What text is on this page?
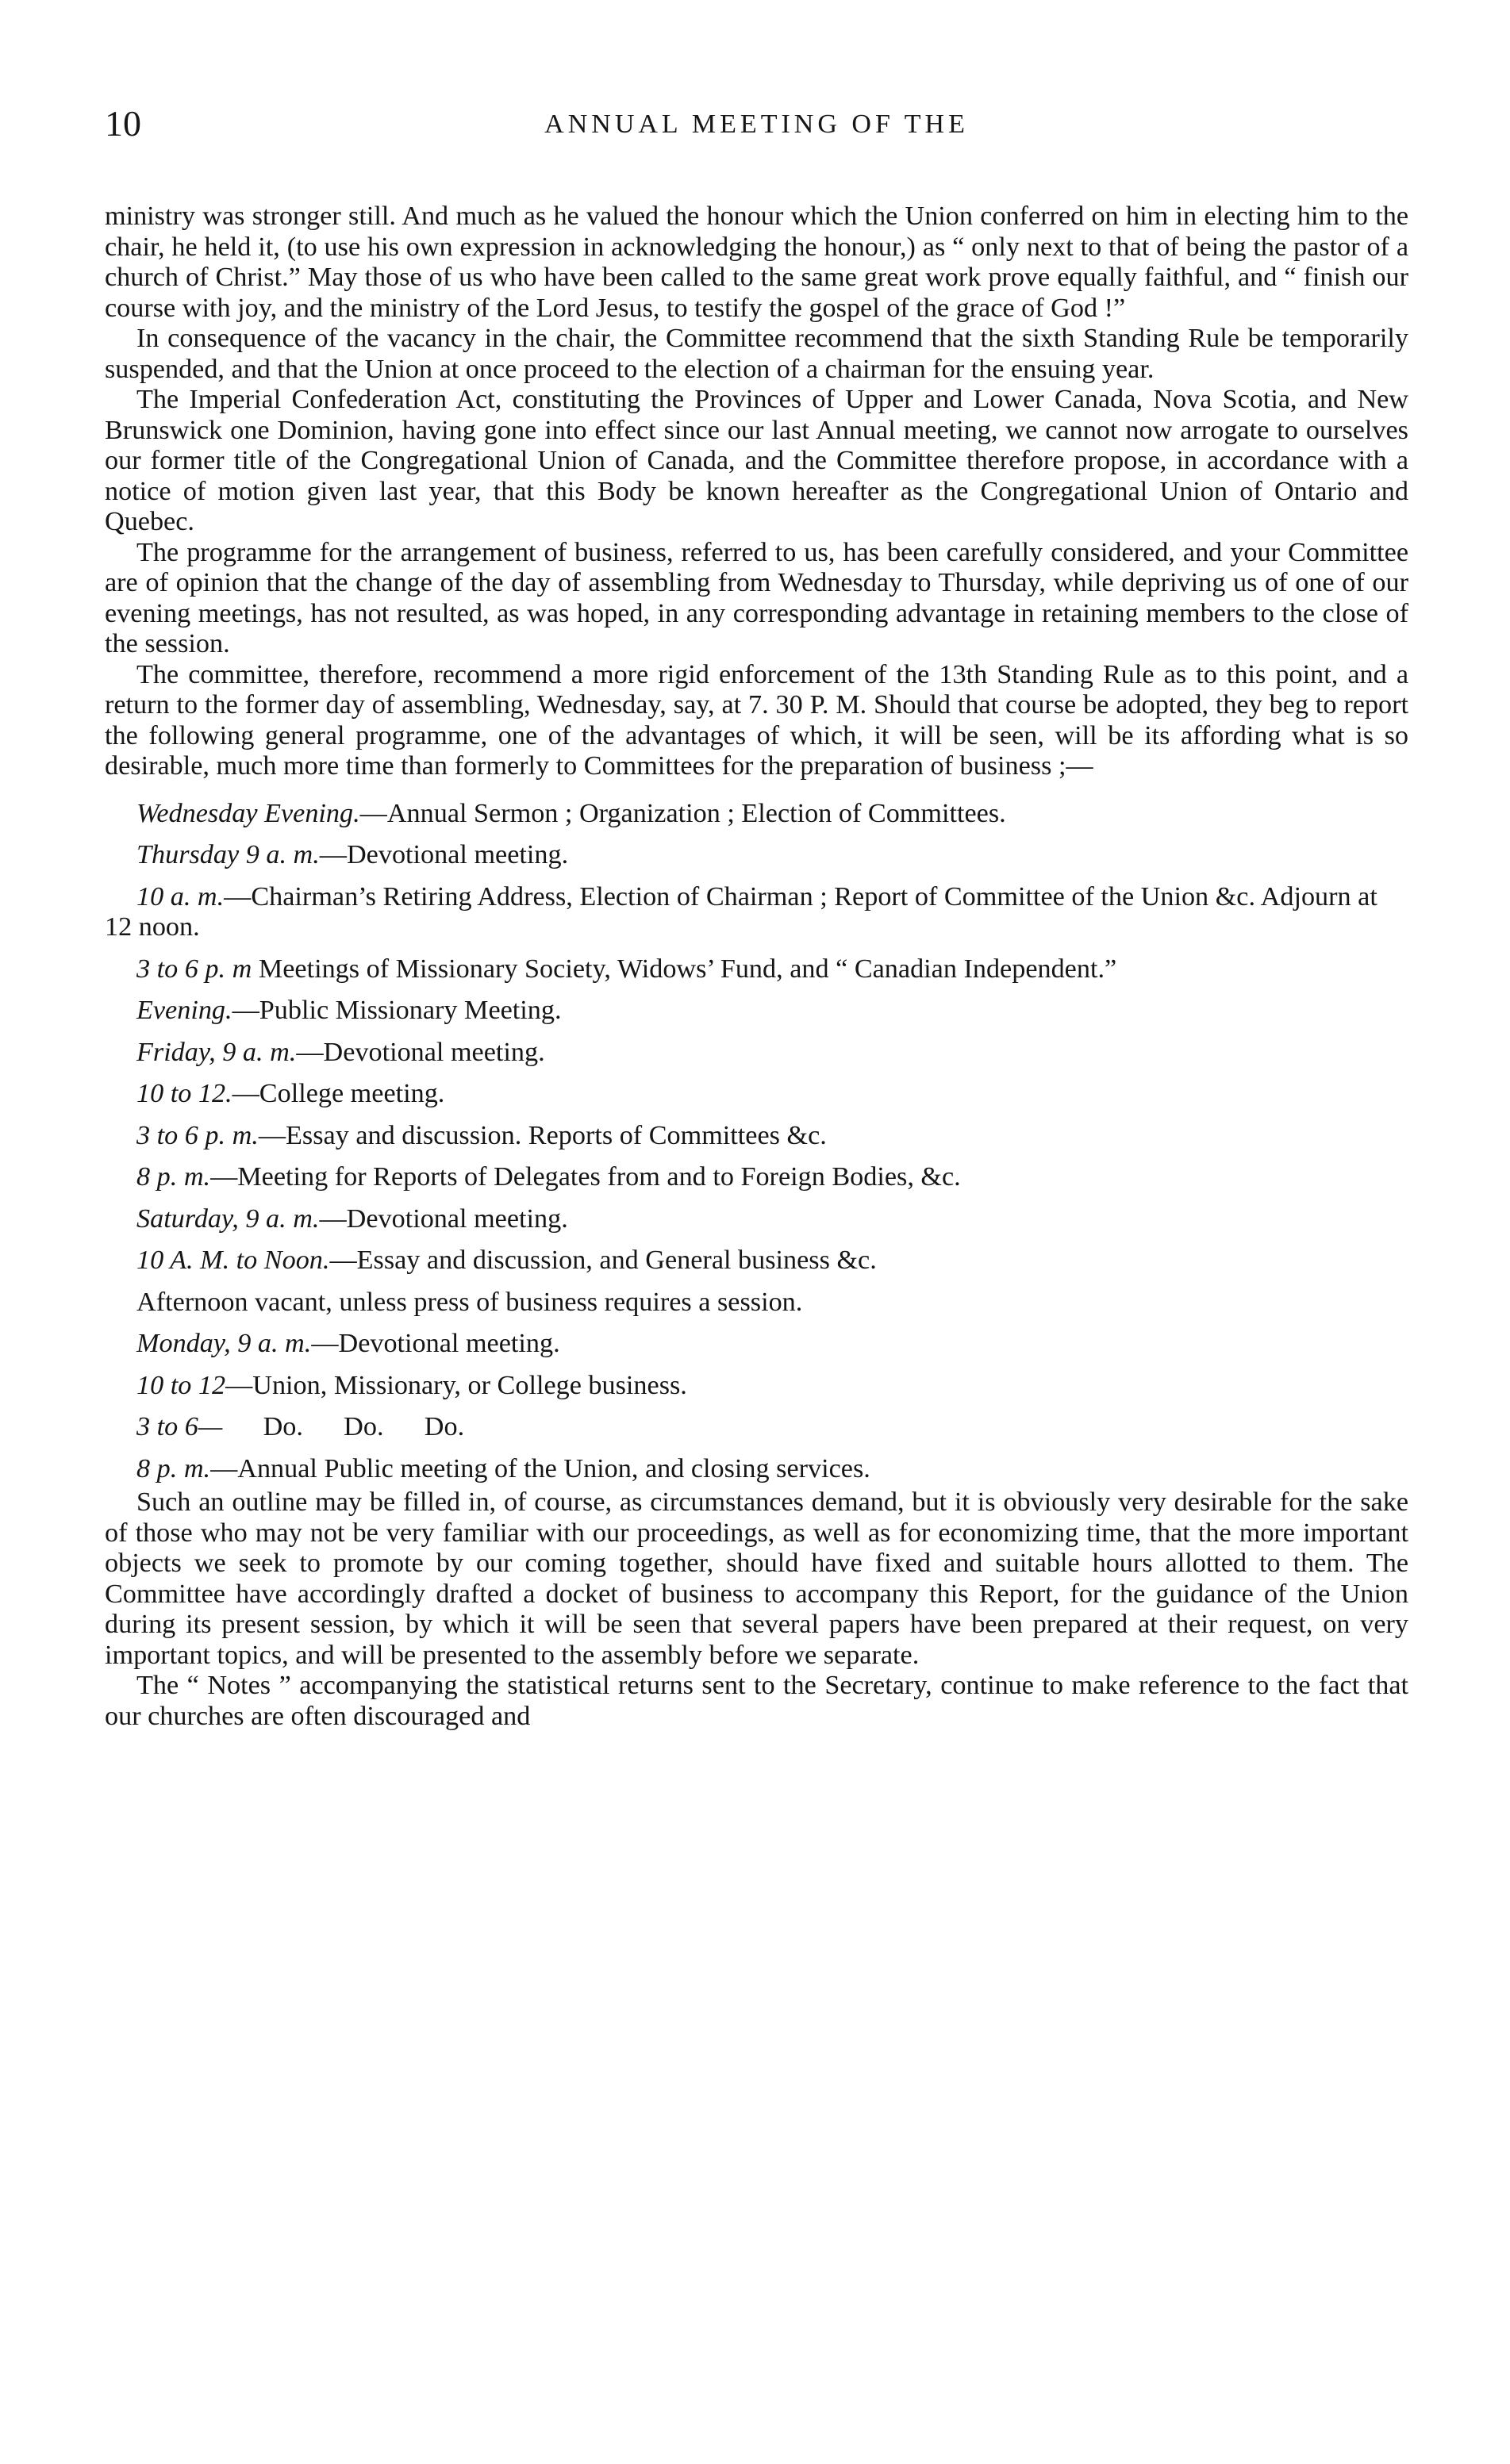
10	ANNUAL MEETING OF THE

ministry was stronger still. And much as he valued the honour which the Union conferred on him in electing him to the chair, he held it, (to use his own expression in acknowledging the honour,) as “ only next to that of being the pastor of a church of Christ.” May those of us who have been called to the same great work prove equally faithful, and “ finish our course with joy, and the ministry of the Lord Jesus, to testify the gospel of the grace of God !”

In consequence of the vacancy in the chair, the Committee recommend that the sixth Standing Rule be temporarily suspended, and that the Union at once proceed to the election of a chairman for the ensuing year.

The Imperial Confederation Act, constituting the Provinces of Upper and Lower Canada, Nova Scotia, and New Brunswick one Dominion, having gone into effect since our last Annual meeting, we cannot now arrogate to ourselves our former title of the Congregational Union of Canada, and the Committee therefore propose, in accordance with a notice of motion given last year, that this Body be known hereafter as the Congregational Union of Ontario and Quebec.

The programme for the arrangement of business, referred to us, has been carefully considered, and your Committee are of opinion that the change of the day of assembling from Wednesday to Thursday, while depriving us of one of our evening meetings, has not resulted, as was hoped, in any corresponding advantage in retaining members to the close of the session.

The committee, therefore, recommend a more rigid enforcement of the 13th Standing Rule as to this point, and a return to the former day of assembling, Wednesday, say, at 7. 30 P. M. Should that course be adopted, they beg to report the following general programme, one of the advantages of which, it will be seen, will be its affording what is so desirable, much more time than formerly to Committees for the preparation of business ;—

Wednesday Evening.—Annual Sermon ; Organization ; Election of Committees.

Thursday 9 a. m.—Devotional meeting.

10 a. m.—Chairman’s Retiring Address, Election of Chairman ; Report of Committee of the Union &c. Adjourn at 12 noon.

3 to 6 p. m Meetings of Missionary Society, Widows’ Fund, and “ Canadian Independent.”

Evening.—Public Missionary Meeting.

Friday, 9 a. m.—Devotional meeting.

10 to 12.—College meeting.

3 to 6 p. m.—Essay and discussion. Reports of Committees &c.

8 p. m.—Meeting for Reports of Delegates from and to Foreign Bodies, &c.

Saturday, 9 a. m.—Devotional meeting.

10 A. M. to Noon.—Essay and discussion, and General business &c.

Afternoon vacant, unless press of business requires a session.

Monday, 9 a. m.—Devotional meeting.

10 to 12—Union, Missionary, or College business.

3 to 6—      Do.      Do.      Do.

8 p. m.—Annual Public meeting of the Union, and closing services.

Such an outline may be filled in, of course, as circumstances demand, but it is obviously very desirable for the sake of those who may not be very familiar with our proceedings, as well as for economizing time, that the more important objects we seek to promote by our coming together, should have fixed and suitable hours allotted to them. The Committee have accordingly drafted a docket of business to accompany this Report, for the guidance of the Union during its present session, by which it will be seen that several papers have been prepared at their request, on very important topics, and will be presented to the assembly before we separate.

The “ Notes ” accompanying the statistical returns sent to the Secretary, continue to make reference to the fact that our churches are often discouraged and
